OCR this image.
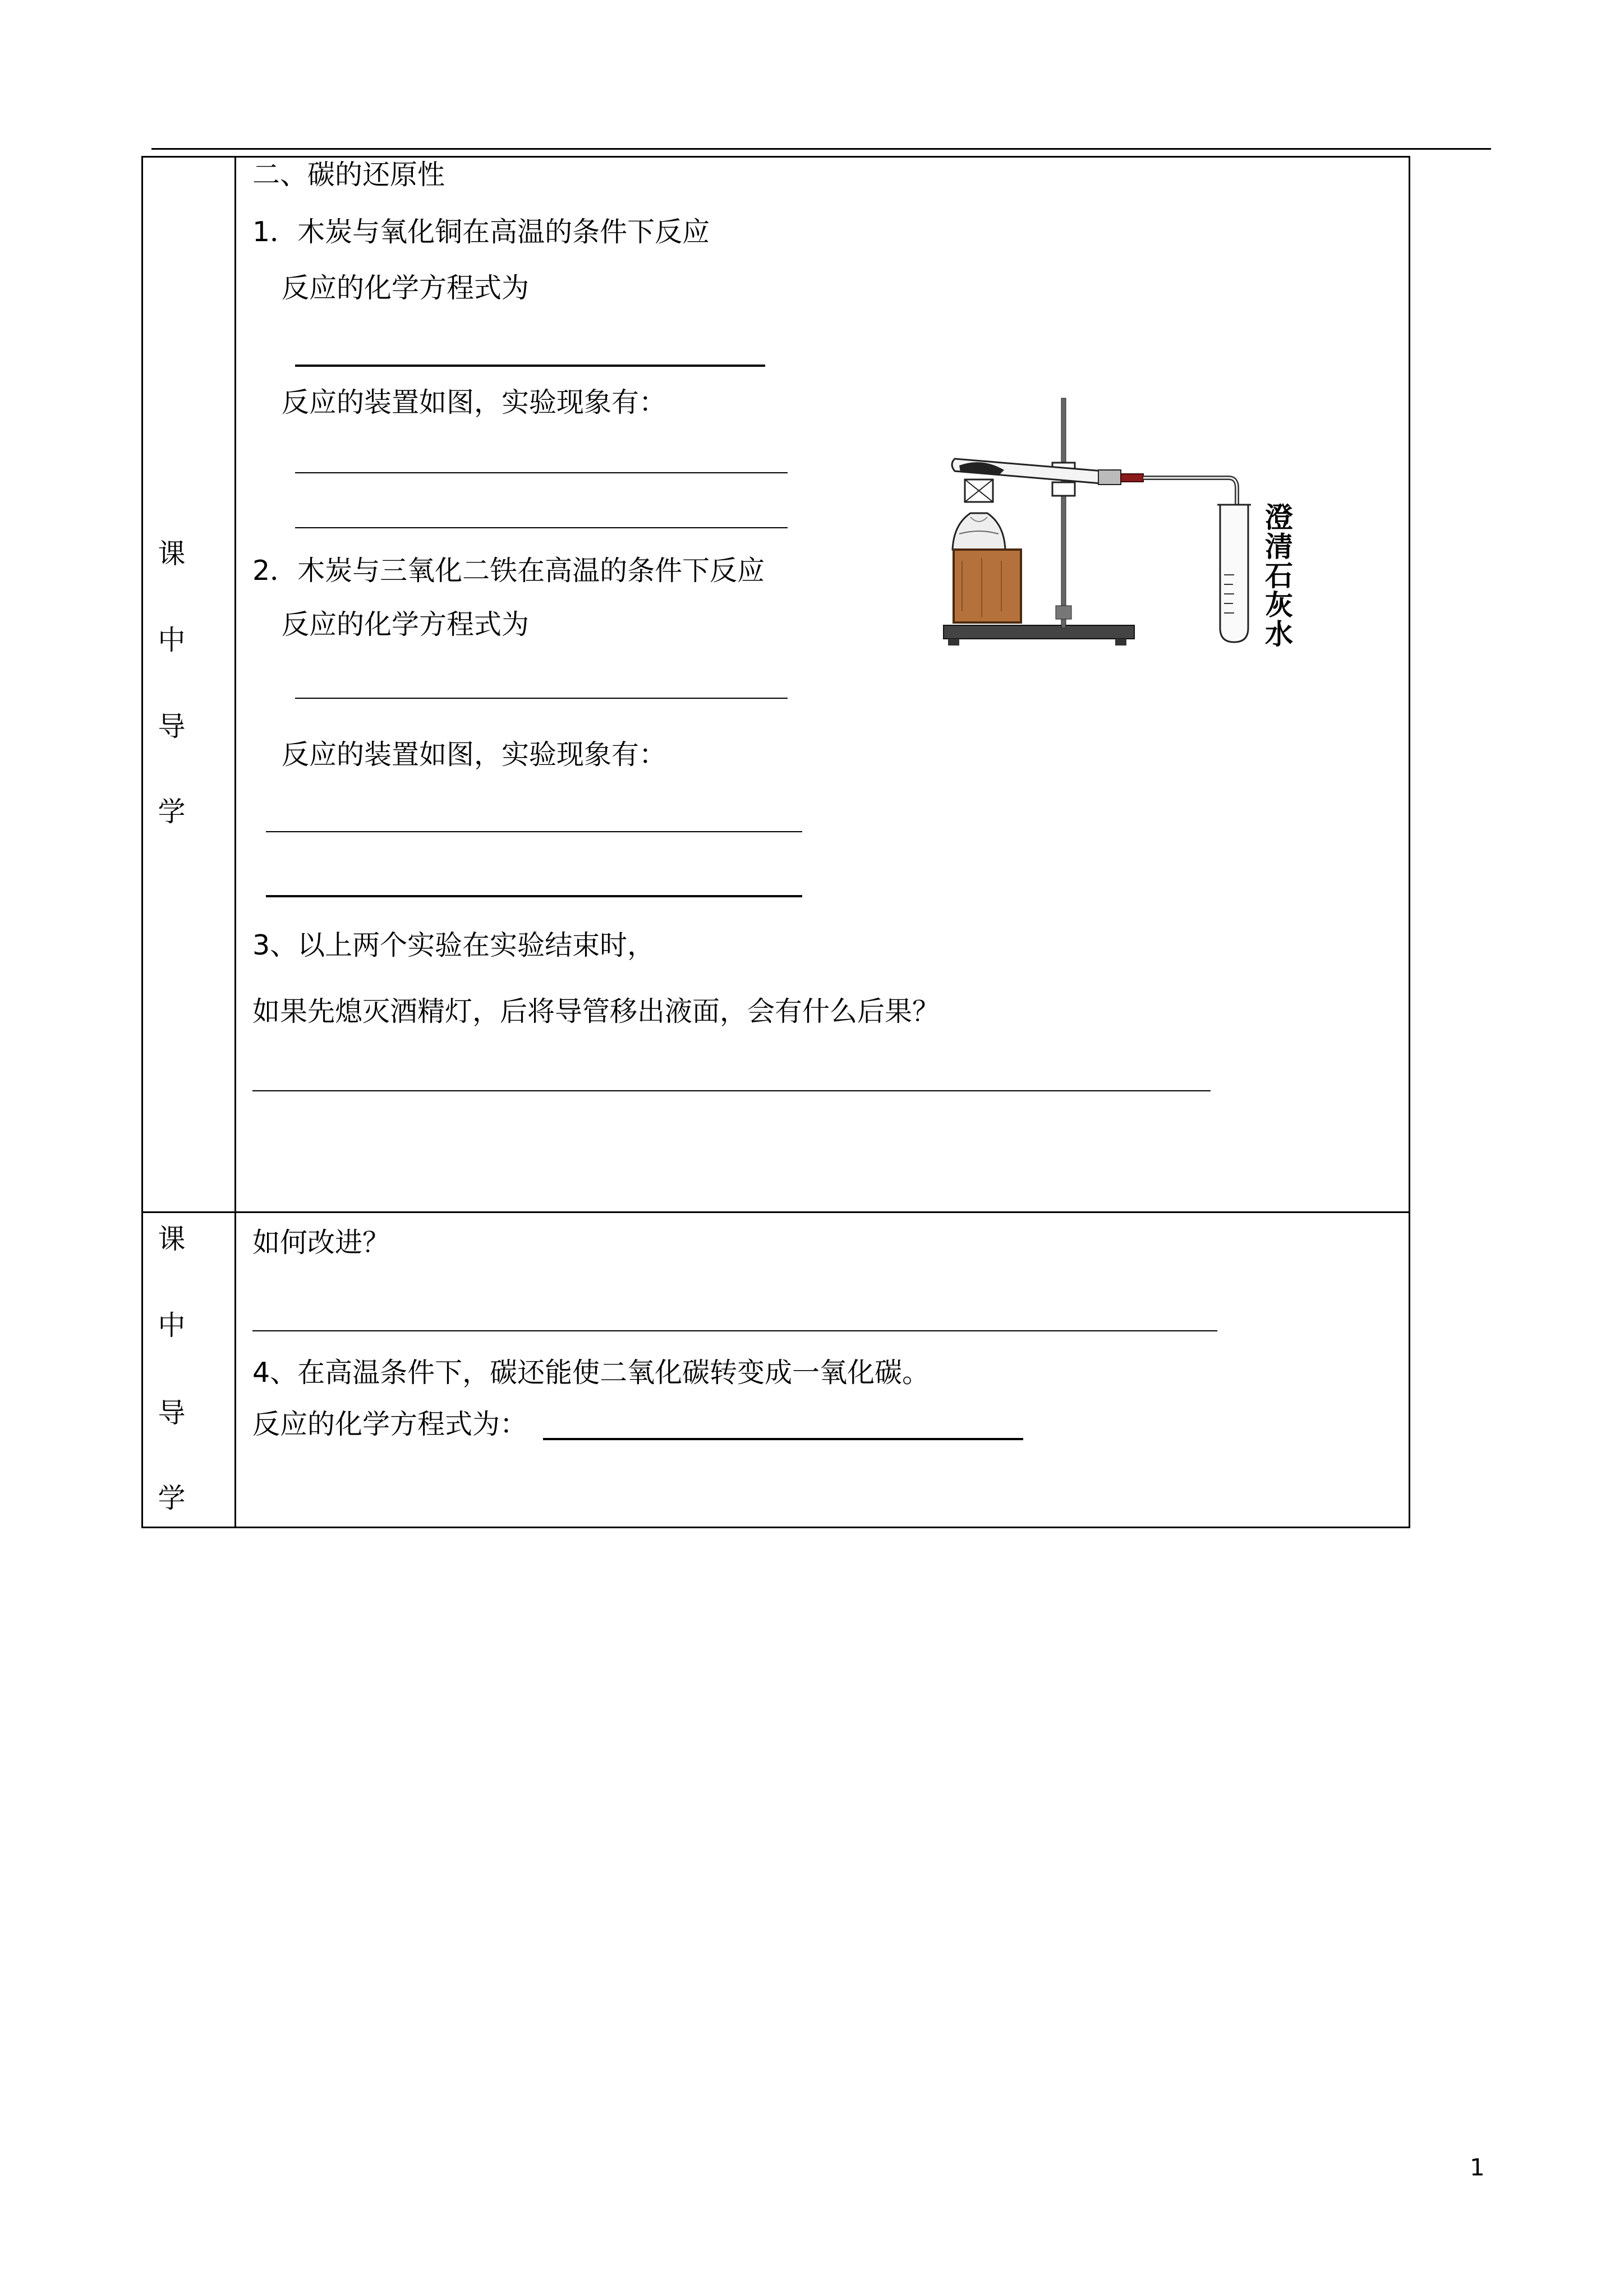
课
中
导
学
课
中
导
学
二、碳的还原性
1．木炭与氧化铜在高温的条件下反应
反应的化学方程式为
反应的装置如图，实验现象有：
2．木炭与三氧化二铁在高温的条件下反应
反应的化学方程式为
反应的装置如图，实验现象有：
3、以上两个实验在实验结束时，
如果先熄灭酒精灯，后将导管移出液面，会有什么后果？
如何改进？
4、在高温条件下，碳还能使二氧化碳转变成一氧化碳。
反应的化学方程式为：
澄
清
石
灰
水
1
